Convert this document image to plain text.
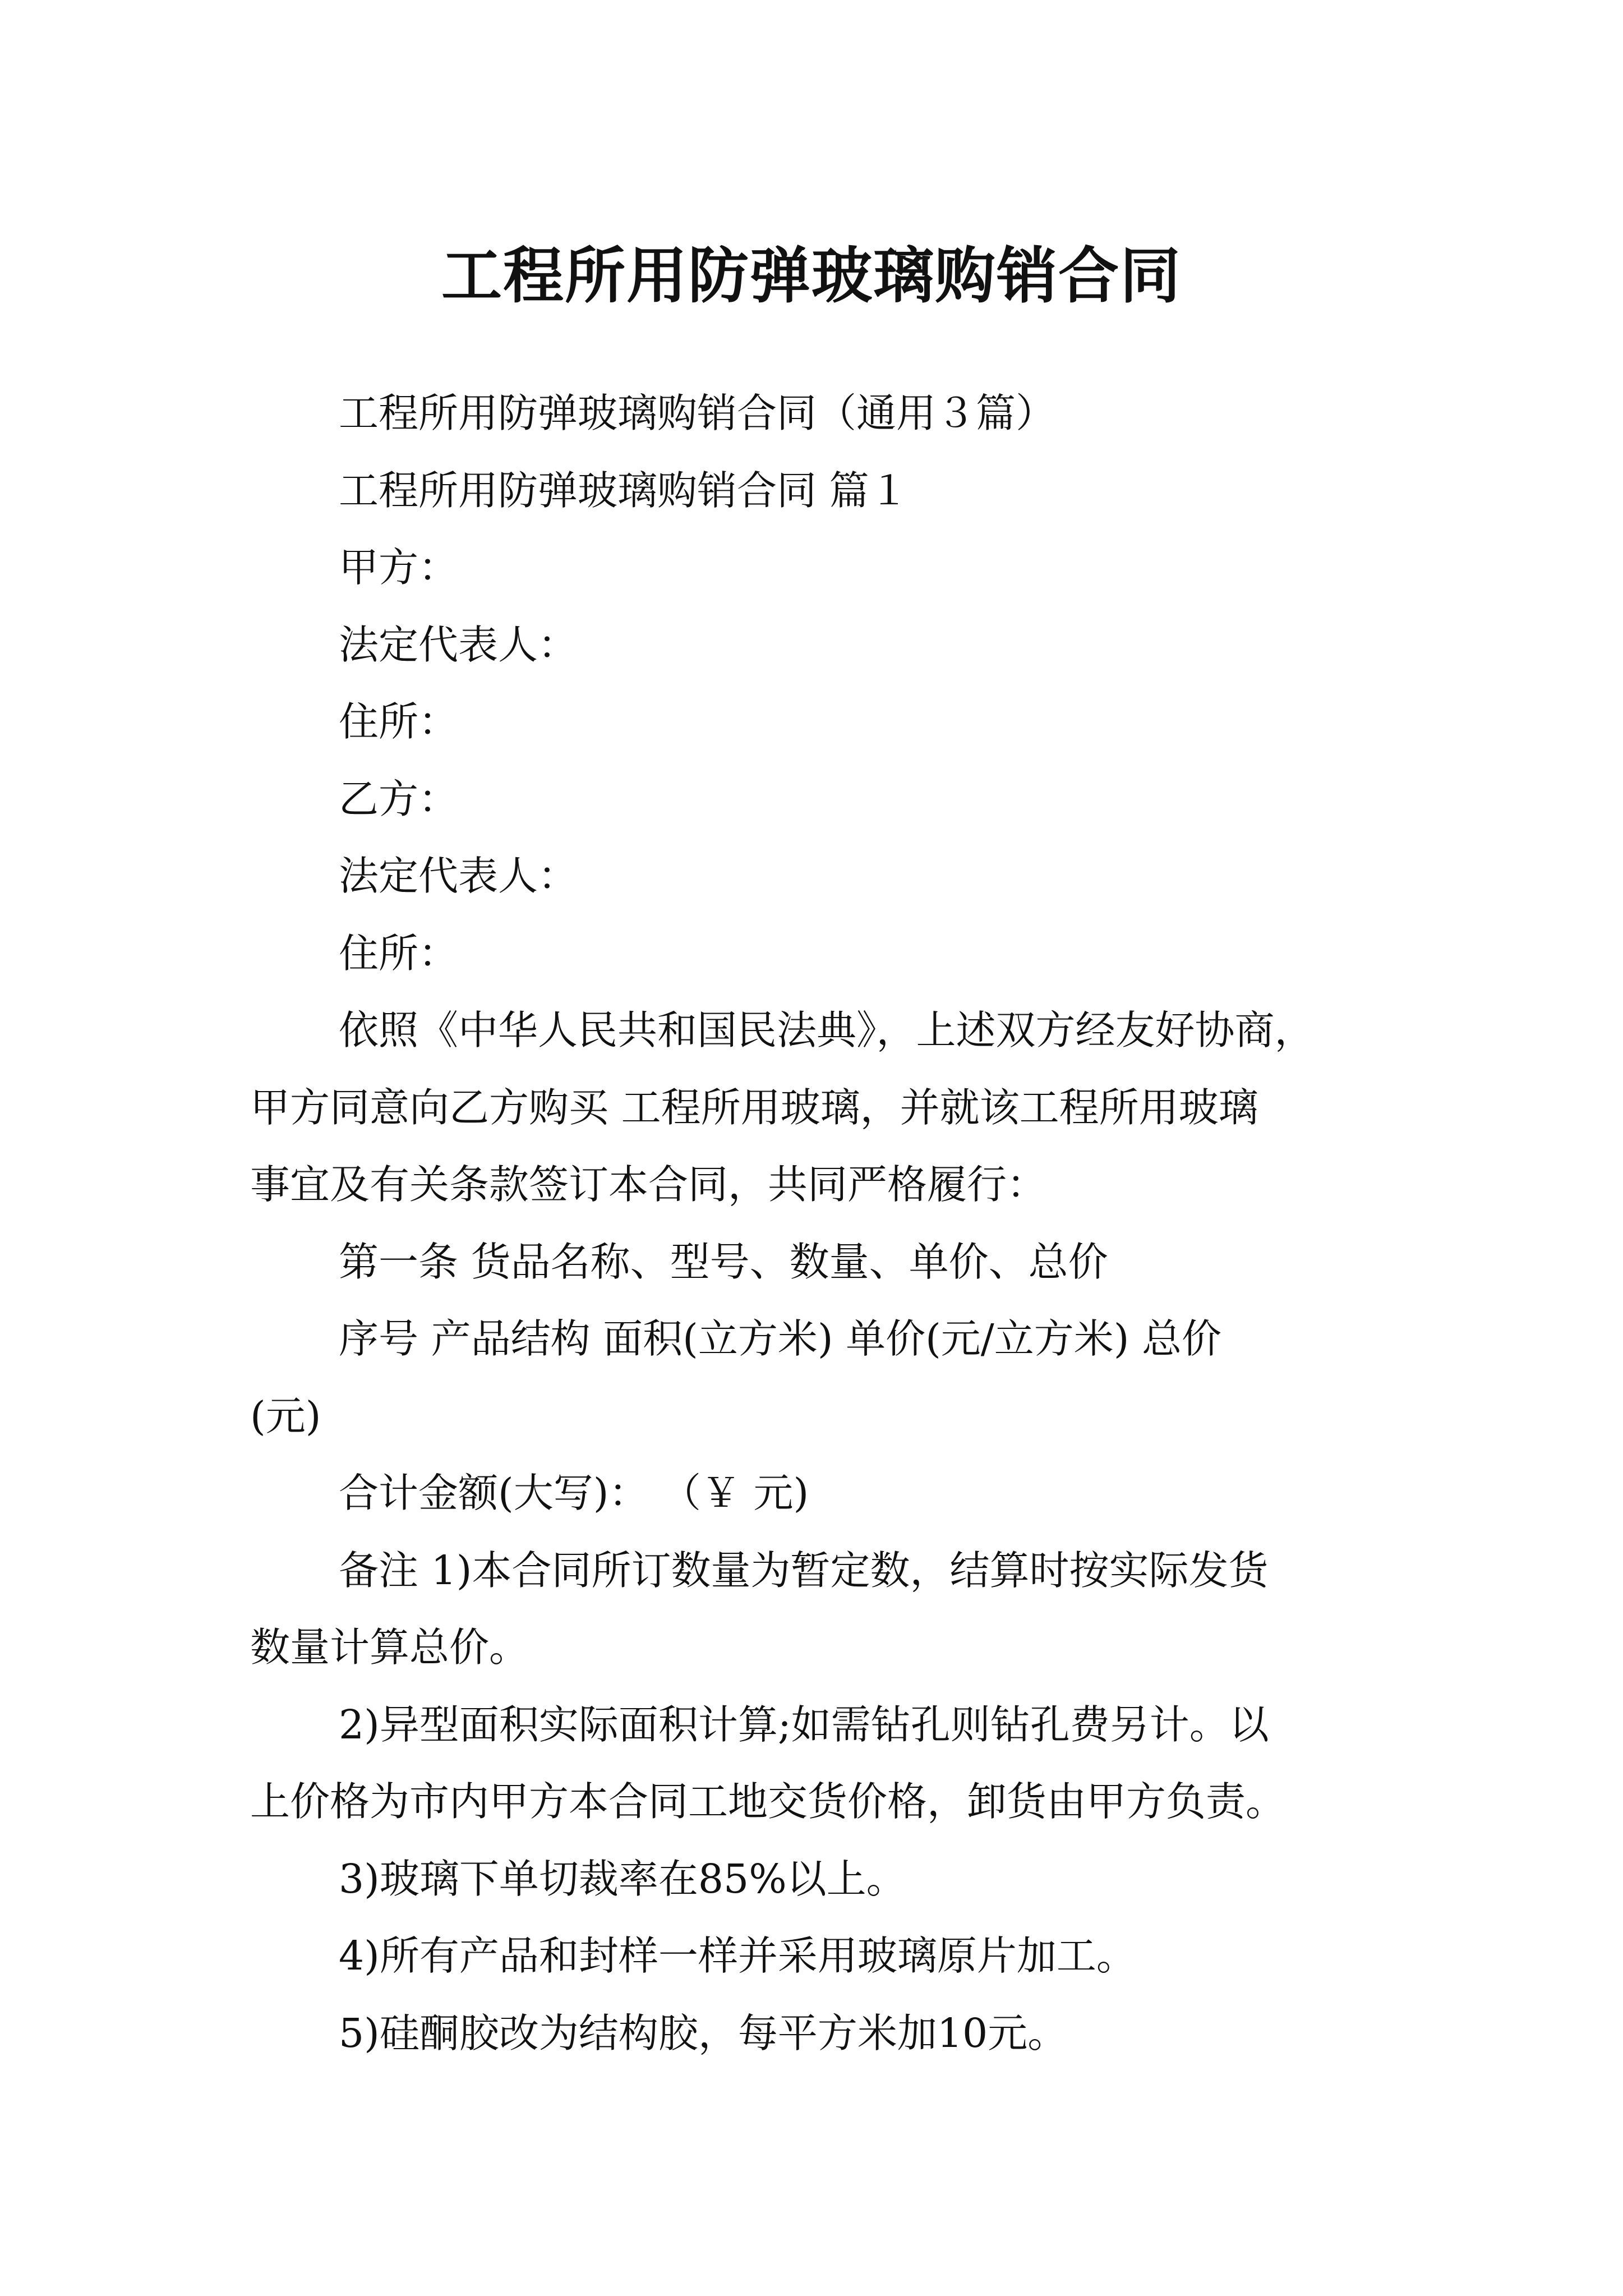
工程所用防弹玻璃购销合同

工程所用防弹玻璃购销合同（通用３篇）

工程所用防弹玻璃购销合同 篇１

甲方：

法定代表人：

住所：

乙方：

法定代表人：

住所：

依照《中华人民共和国民法典》，上述双方经友好协商，

甲方同意向乙方购买 工程所用玻璃，并就该工程所用玻璃

事宜及有关条款签订本合同，共同严格履行：

第一条 货品名称、型号、数量、单价、总价

序号 产品结构 面积(立方米) 单价(元/立方米) 总价

(元)

合计金额(大写)： （￥ 元)

备注 1)本合同所订数量为暂定数，结算时按实际发货

数量计算总价。

2)异型面积实际面积计算;如需钻孔则钻孔费另计。以

上价格为市内甲方本合同工地交货价格，卸货由甲方负责。

3)玻璃下单切裁率在85%以上。

4)所有产品和封样一样并采用玻璃原片加工。

5)硅酮胶改为结构胶，每平方米加10元。
